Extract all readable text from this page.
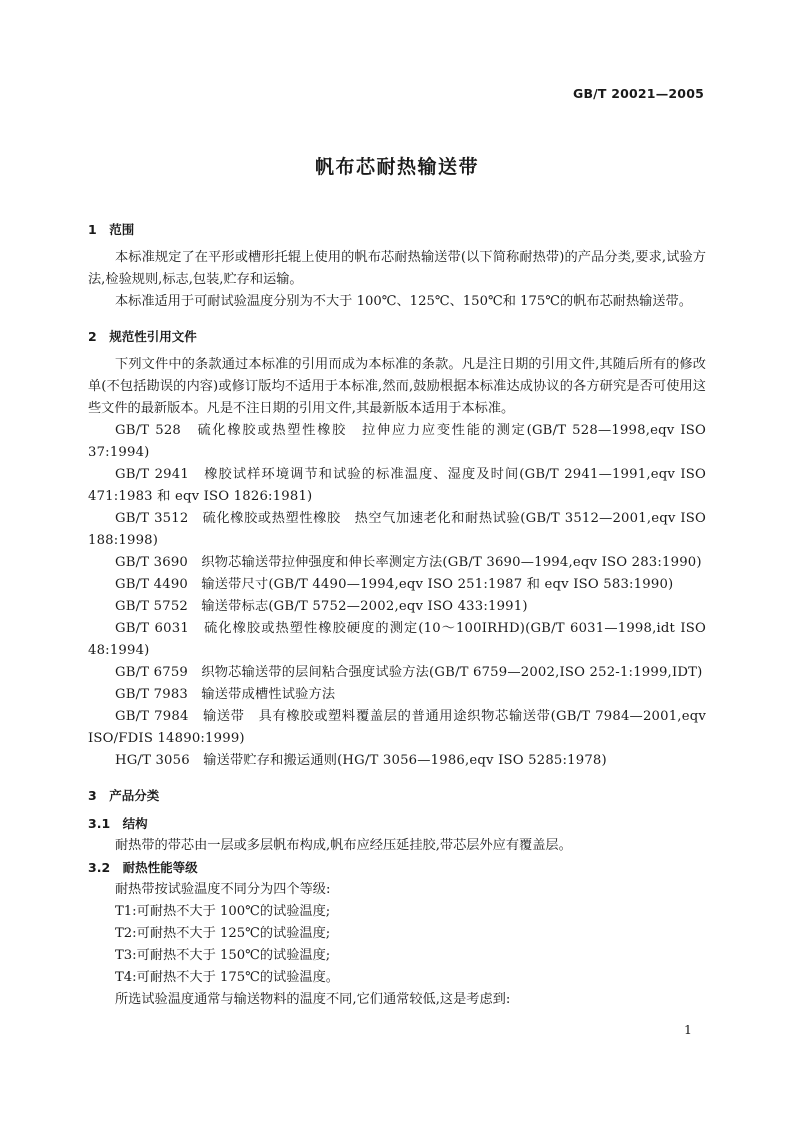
GB/T 20021—2005
帆布芯耐热输送带
1　范围

本标准规定了在平形或槽形托辊上使用的帆布芯耐热输送带(以下简称耐热带)的产品分类,要求,试验方法,检验规则,标志,包装,贮存和运输。

本标准适用于可耐试验温度分别为不大于 100℃、125℃、150℃和 175℃的帆布芯耐热输送带。

2　规范性引用文件

下列文件中的条款通过本标准的引用而成为本标准的条款。凡是注日期的引用文件,其随后所有的修改单(不包括勘误的内容)或修订版均不适用于本标准,然而,鼓励根据本标准达成协议的各方研究是否可使用这些文件的最新版本。凡是不注日期的引用文件,其最新版本适用于本标准。

GB/T 528　硫化橡胶或热塑性橡胶　拉伸应力应变性能的测定(GB/T 528—1998,eqv ISO 37:1994)

GB/T 2941　橡胶试样环境调节和试验的标准温度、湿度及时间(GB/T 2941—1991,eqv ISO 471:1983 和 eqv ISO 1826:1981)

GB/T 3512　硫化橡胶或热塑性橡胶　热空气加速老化和耐热试验(GB/T 3512—2001,eqv ISO 188:1998)

GB/T 3690　织物芯输送带拉伸强度和伸长率测定方法(GB/T 3690—1994,eqv ISO 283:1990)

GB/T 4490　输送带尺寸(GB/T 4490—1994,eqv ISO 251:1987 和 eqv ISO 583:1990)

GB/T 5752　输送带标志(GB/T 5752—2002,eqv ISO 433:1991)

GB/T 6031　硫化橡胶或热塑性橡胶硬度的测定(10～100IRHD)(GB/T 6031—1998,idt ISO 48:1994)

GB/T 6759　织物芯输送带的层间粘合强度试验方法(GB/T 6759—2002,ISO 252-1:1999,IDT)

GB/T 7983　输送带成槽性试验方法

GB/T 7984　输送带　具有橡胶或塑料覆盖层的普通用途织物芯输送带(GB/T 7984—2001,eqv ISO/FDIS 14890:1999)

HG/T 3056　输送带贮存和搬运通则(HG/T 3056—1986,eqv ISO 5285:1978)

3　产品分类
3.1　结构

耐热带的带芯由一层或多层帆布构成,帆布应经压延挂胶,带芯层外应有覆盖层。

3.2　耐热性能等级

耐热带按试验温度不同分为四个等级:

T1:可耐热不大于 100℃的试验温度;

T2:可耐热不大于 125℃的试验温度;

T3:可耐热不大于 150℃的试验温度;

T4:可耐热不大于 175℃的试验温度。

所选试验温度通常与输送物料的温度不同,它们通常较低,这是考虑到:

1
